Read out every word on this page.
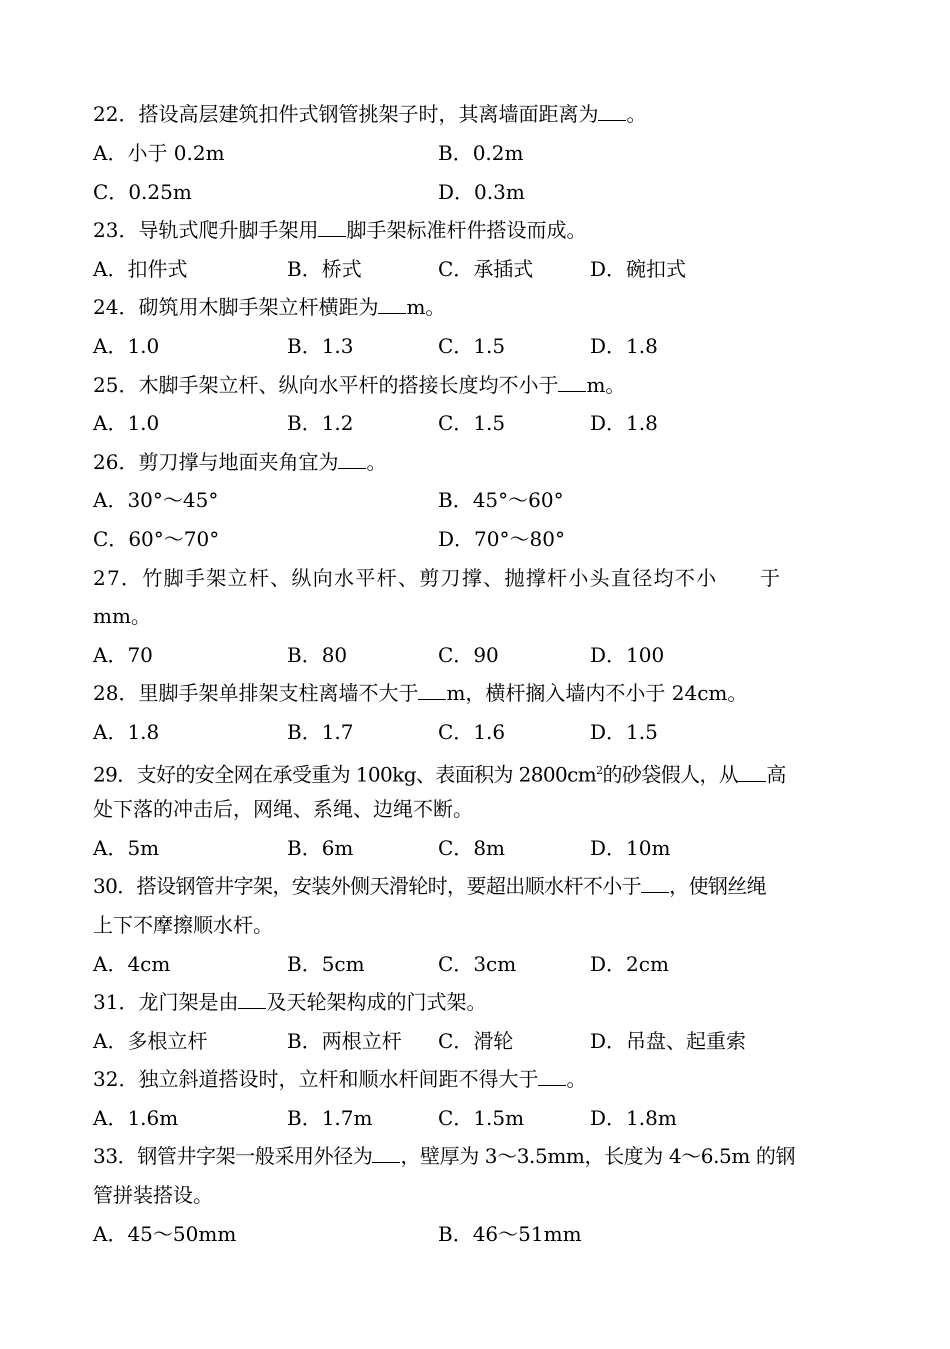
22．搭设高层建筑扣件式钢管挑架子时，其离墙面距离为 。
A．小于 0.2m	B．0.2m
C．0.25m	D．0.3m
23．导轨式爬升脚手架用 脚手架标准杆件搭设而成。
A．扣件式	B．桥式	C．承插式	D．碗扣式
24．砌筑用木脚手架立杆横距为 m。
A．1.0	B．1.3	C．1.5	D．1.8
25．木脚手架立杆、纵向水平杆的搭接长度均不小于 m。
A．1.0	B．1.2	C．1.5	D．1.8
26．剪刀撑与地面夹角宜为 。
A．30°～45°	B．45°～60°
C．60°～70°	D．70°～80°
27．竹脚手架立杆、纵向水平杆、剪刀撑、抛撑杆小头直径均不小　　于
mm。
A．70	B．80	C．90	D．100
28．里脚手架单排架支柱离墙不大于 m，横杆搁入墙内不小于 24cm。
A．1.8	B．1.7	C．1.6	D．1.5
29．支好的安全网在承受重为 100kg、表面积为 $2800cm^2$的砂袋假人，从 高
处下落的冲击后，网绳、系绳、边绳不断。
A．5m	B．6m	C．8m	D．10m
30．搭设钢管井字架，安装外侧天滑轮时，要超出顺水杆不小于 ，使钢丝绳
上下不摩擦顺水杆。
A．4cm	B．5cm	C．3cm	D．2cm
31．龙门架是由 及天轮架构成的门式架。
A．多根立杆	B．两根立杆 C．滑轮	D．吊盘、起重索
32．独立斜道搭设时，立杆和顺水杆间距不得大于 。
A．1.6m	B．1.7m	C．1.5m	D．1.8m
33．钢管井字架一般采用外径为 ，壁厚为 3～3.5mm，长度为 4～6.5m 的钢
管拼装搭设。
A．45～50mm	B．46～51mm
